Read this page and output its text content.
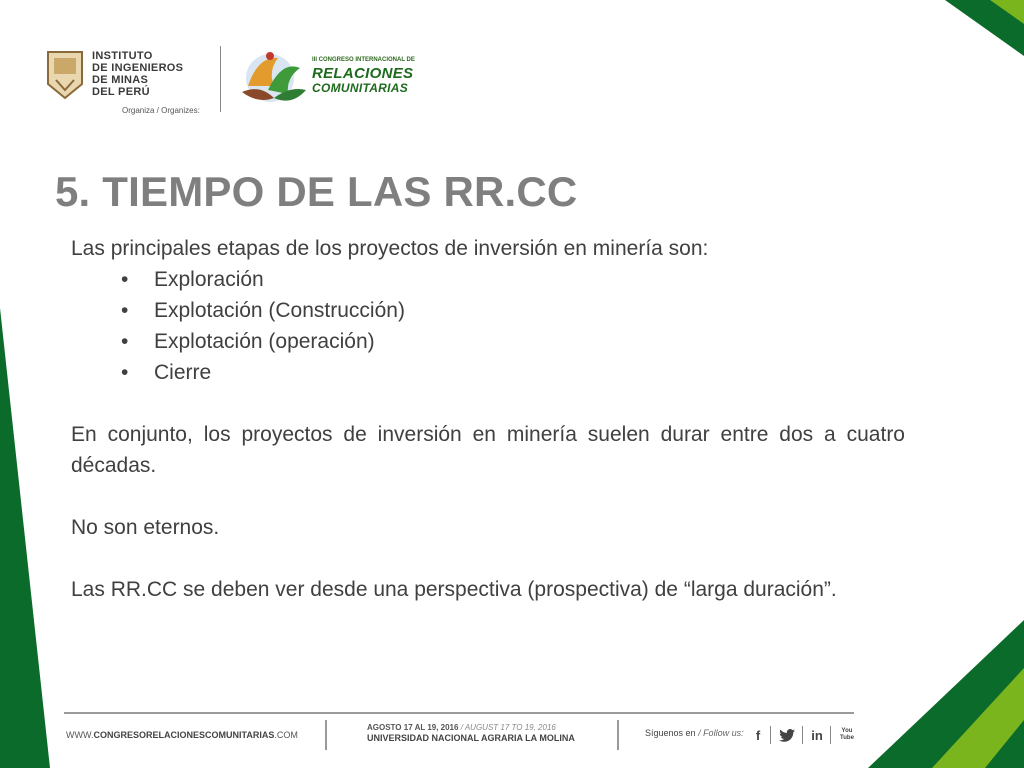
INSTITUTO
DE INGENIEROS
DE MINAS
DEL PERÚ
Organiza / Organizes:
III CONGRESO INTERNACIONAL DE
RELACIONES
COMUNITARIAS
5. TIEMPO DE LAS RR.CC

Las principales etapas de los proyectos de inversión en minería son:

• Exploración
• Explotación (Construcción)
• Explotación (operación)
• Cierre

En conjunto, los proyectos de inversión en minería suelen durar entre dos a cuatro décadas.

No son eternos.

Las RR.CC se deben ver desde una perspectiva (prospectiva) de “larga duración”.

WWW.CONGRESORELACIONESCOMUNITARIAS.COM
AGOSTO 17 AL 19, 2016 / AUGUST 17 TO 19, 2016
UNIVERSIDAD NACIONAL AGRARIA LA MOLINA	Síguenos en / Follow us: f	in	You Tube
